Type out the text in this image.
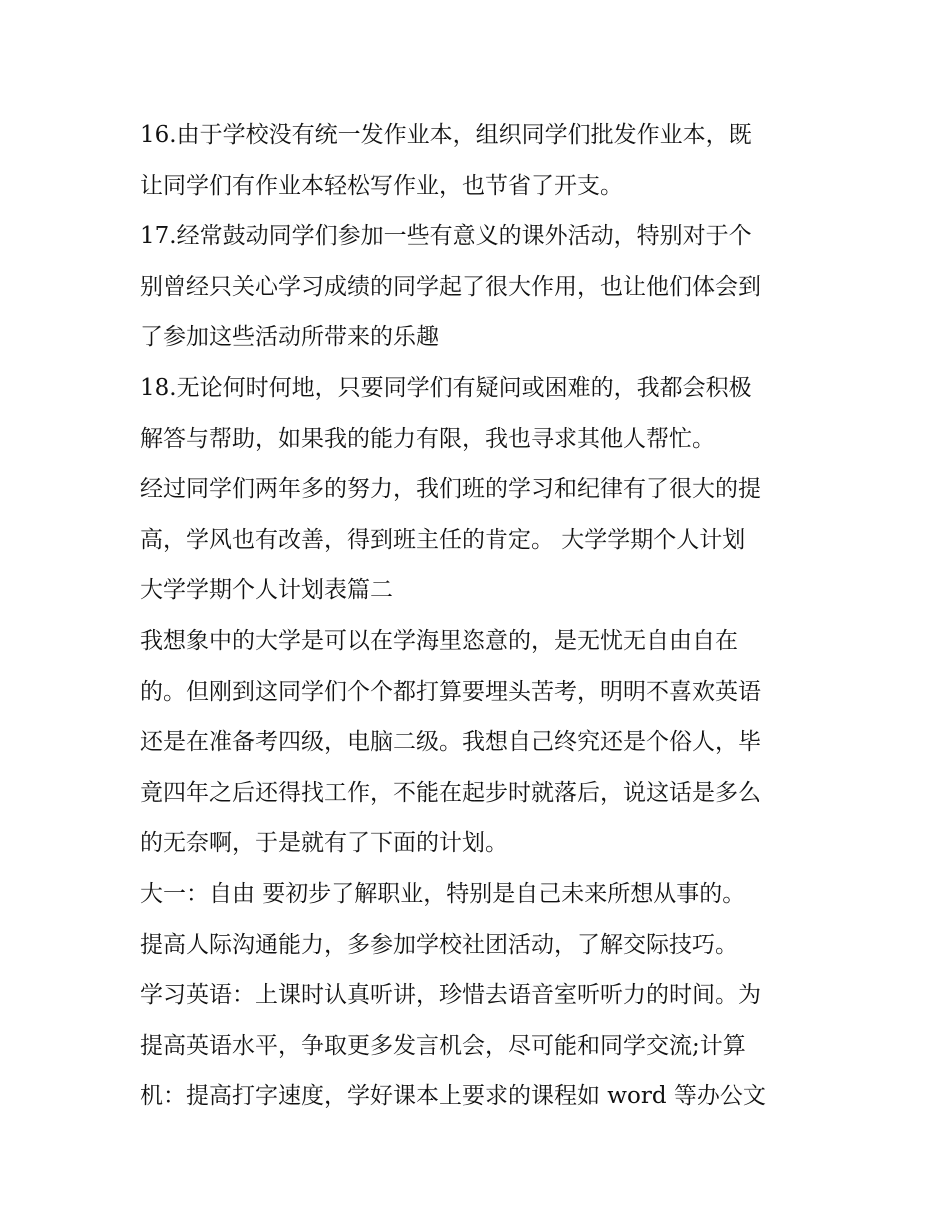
16.由于学校没有统一发作业本，组织同学们批发作业本，既
让同学们有作业本轻松写作业，也节省了开支。
17.经常鼓动同学们参加一些有意义的课外活动，特别对于个
别曾经只关心学习成绩的同学起了很大作用，也让他们体会到
了参加这些活动所带来的乐趣
18.无论何时何地，只要同学们有疑问或困难的，我都会积极
解答与帮助，如果我的能力有限，我也寻求其他人帮忙。
经过同学们两年多的努力，我们班的学习和纪律有了很大的提
高，学风也有改善，得到班主任的肯定。 大学学期个人计划
大学学期个人计划表篇二
我想象中的大学是可以在学海里恣意的，是无忧无自由自在
的。但刚到这同学们个个都打算要埋头苦考，明明不喜欢英语
还是在准备考四级，电脑二级。我想自己终究还是个俗人，毕
竟四年之后还得找工作，不能在起步时就落后，说这话是多么
的无奈啊，于是就有了下面的计划。
大一：自由 要初步了解职业，特别是自己未来所想从事的。
提高人际沟通能力，多参加学校社团活动，了解交际技巧。
学习英语：上课时认真听讲，珍惜去语音室听听力的时间。为
提高英语水平，争取更多发言机会，尽可能和同学交流;计算
机：提高打字速度，学好课本上要求的课程如 word 等办公文
